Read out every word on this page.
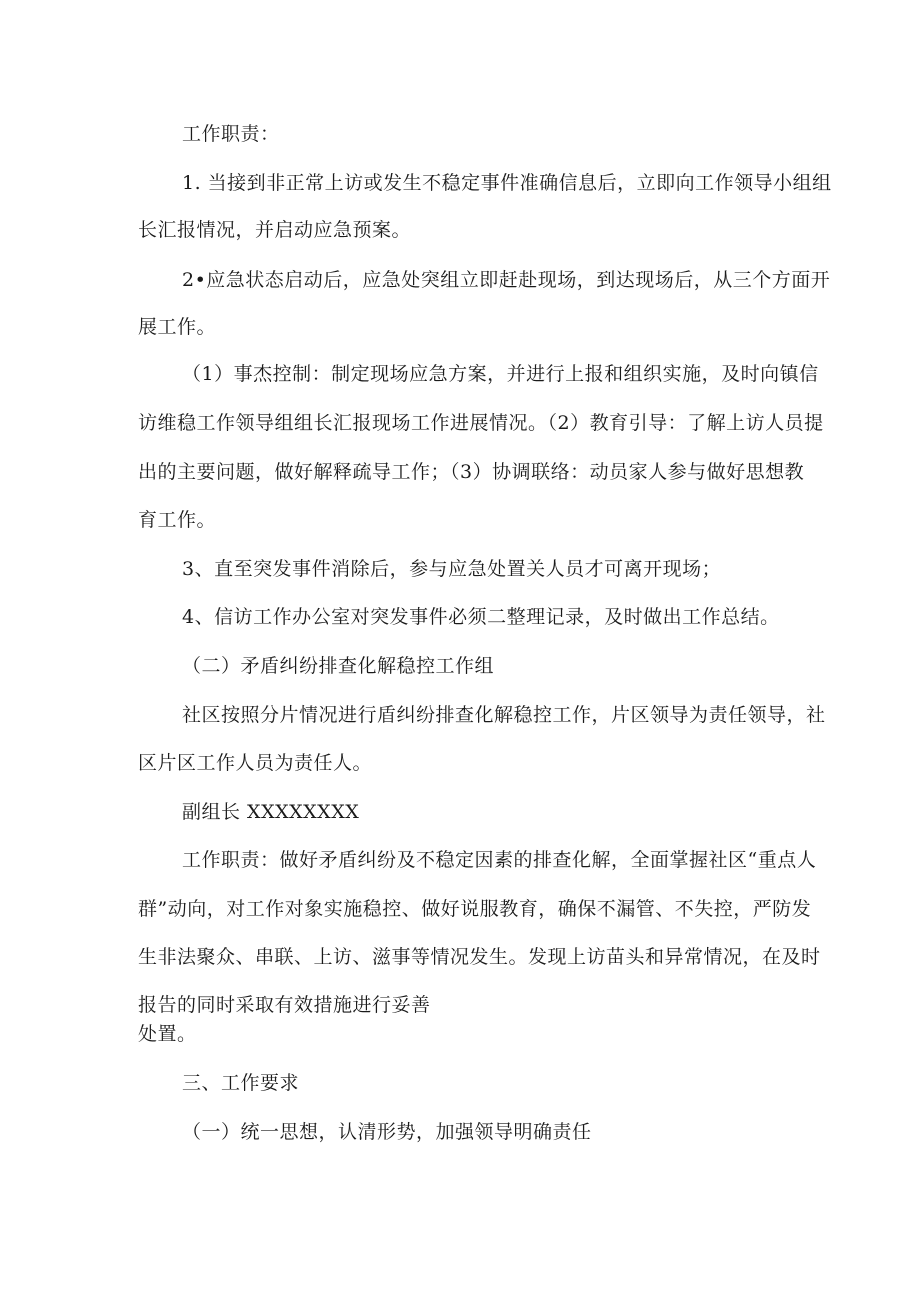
工作职责：
1. 当接到非正常上访或发生不稳定事件准确信息后，立即向工作领导小组组
长汇报情况，并启动应急预案。
2•应急状态启动后，应急处突组立即赶赴现场，到达现场后，从三个方面开
展工作。
（1）事杰控制：制定现场应急方案，并进行上报和组织实施，及时向镇信
访维稳工作领导组组长汇报现场工作进展情况。（2）教育引导：了解上访人员提
出的主要问题，做好解释疏导工作；（3）协调联络：动员家人参与做好思想教
育工作。
3、直至突发事件消除后，参与应急处置关人员才可离开现场；
4、信访工作办公室对突发事件必须二整理记录，及时做出工作总结。
（二）矛盾纠纷排查化解稳控工作组
社区按照分片情况进行盾纠纷排查化解稳控工作，片区领导为责任领导，社
区片区工作人员为责任人。
副组长 XXXXXXXX
工作职责：做好矛盾纠纷及不稳定因素的排查化解，全面掌握社区“重点人
群”动向，对工作对象实施稳控、做好说服教育，确保不漏管、不失控，严防发
生非法聚众、串联、上访、滋事等情况发生。发现上访苗头和异常情况，在及时
报告的同时采取有效措施进行妥善
处置。
三、工作要求
（一）统一思想，认清形势，加强领导明确责任
